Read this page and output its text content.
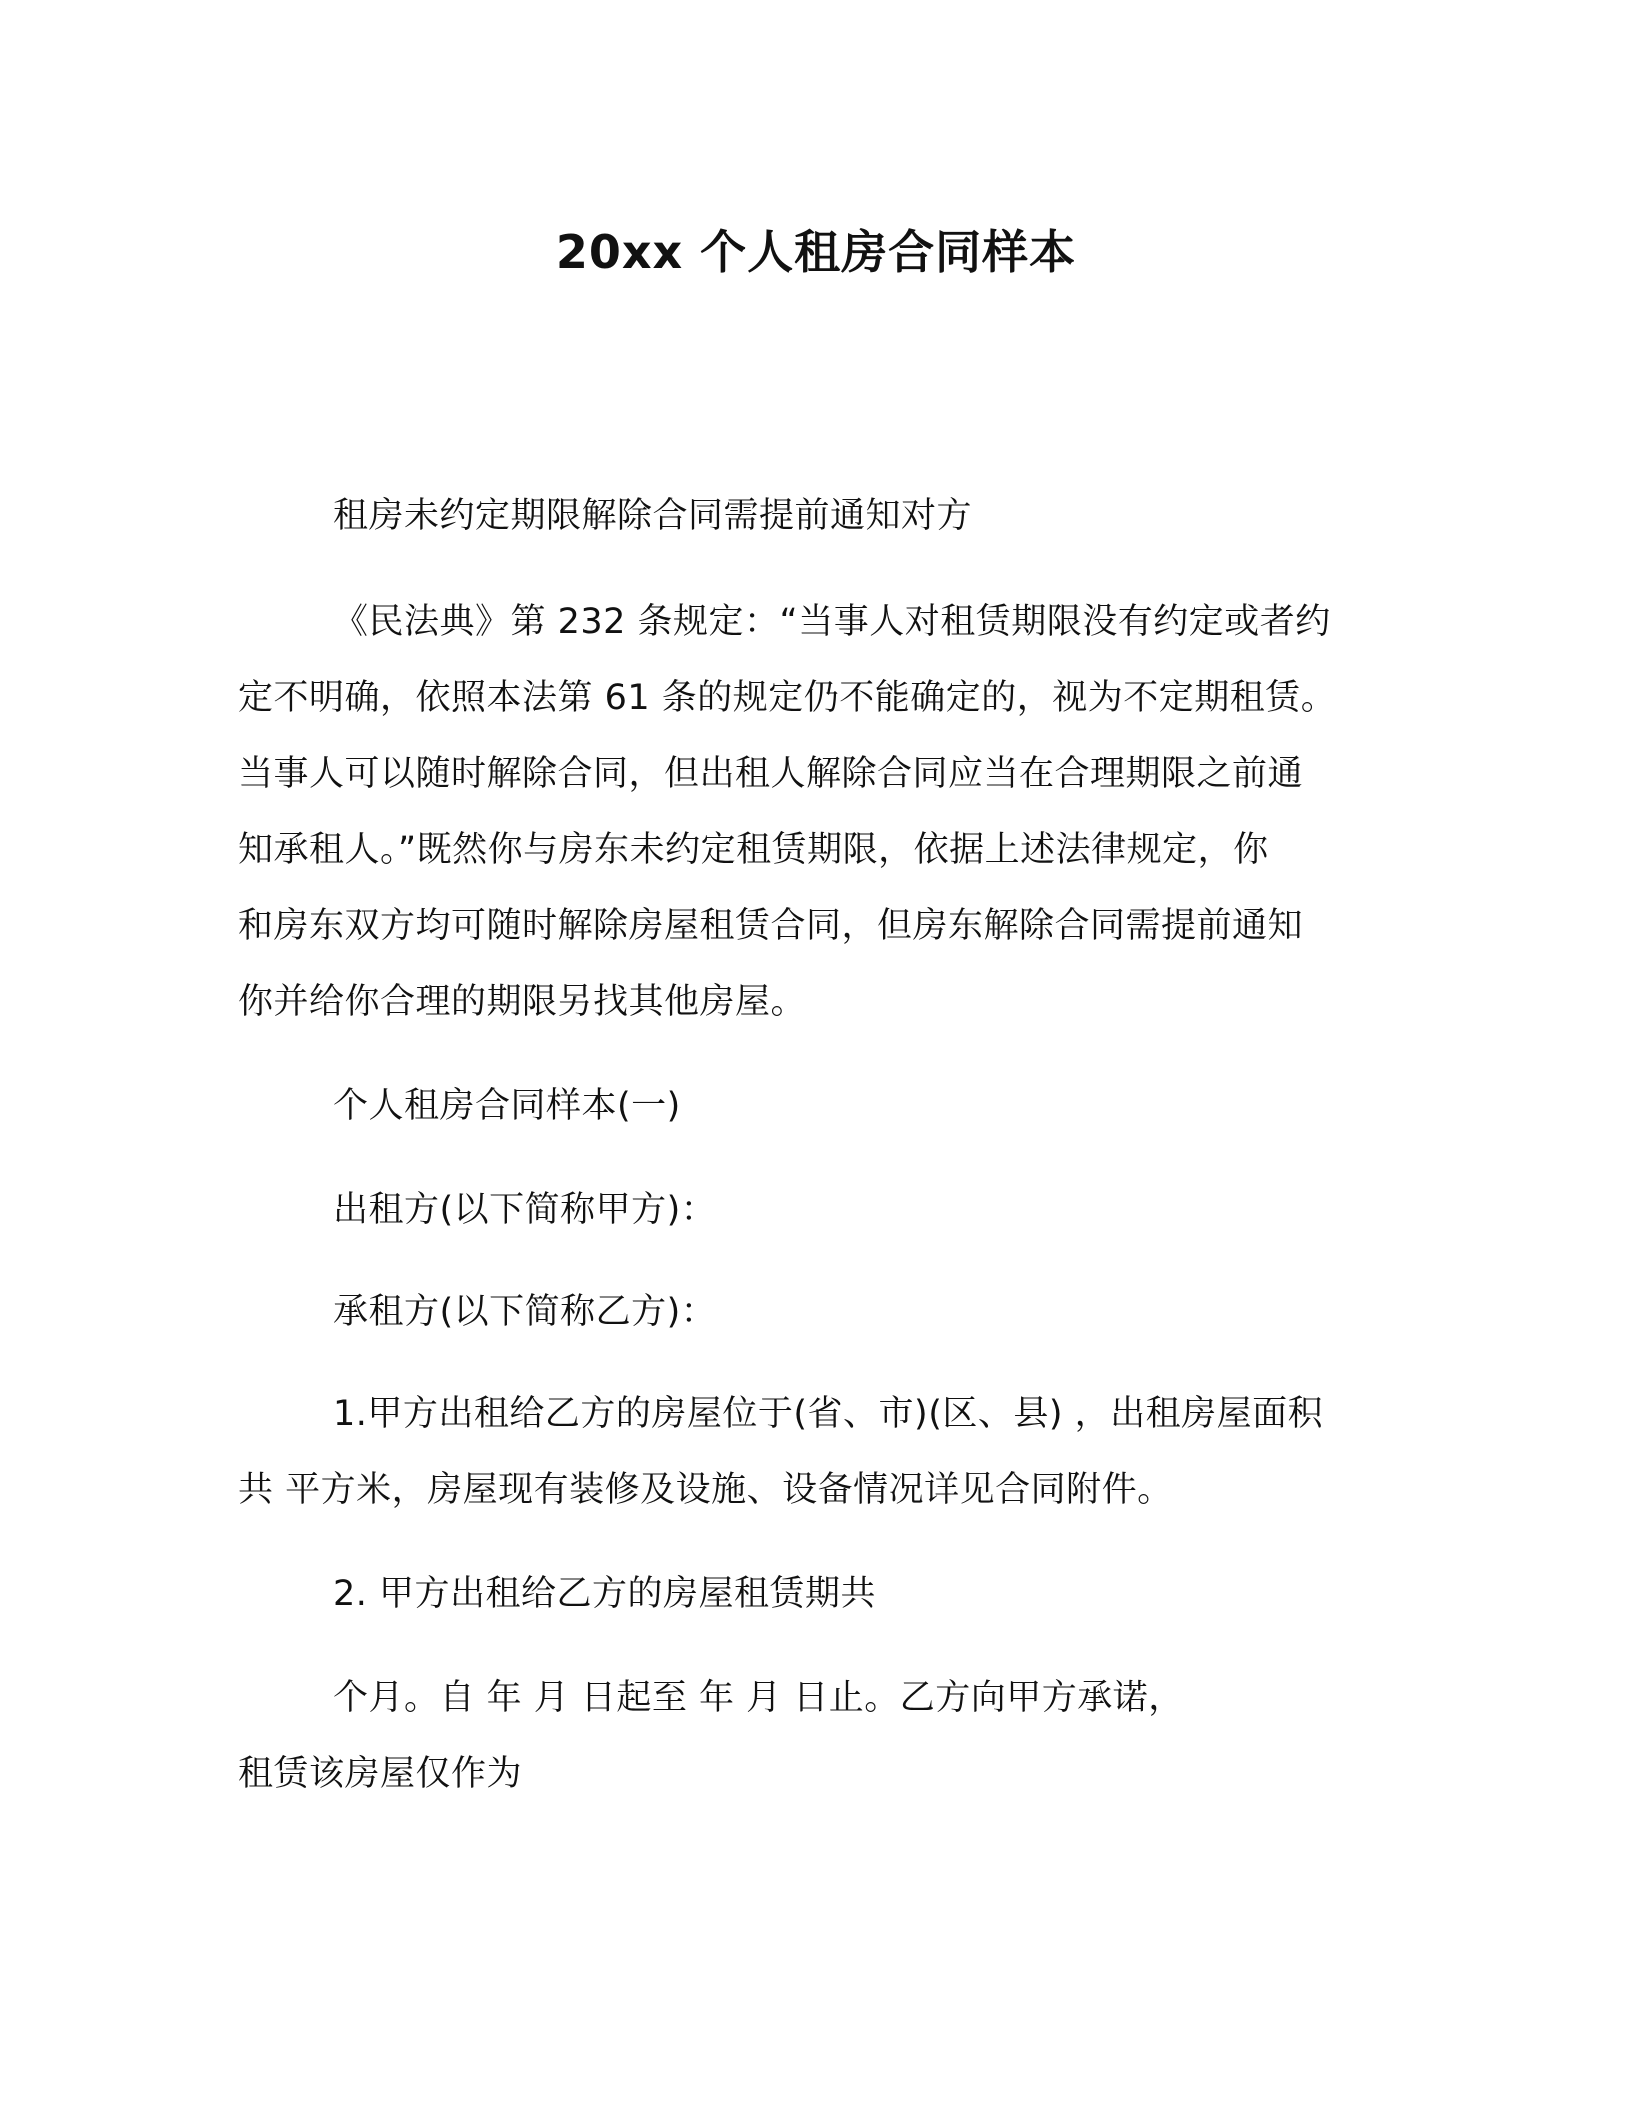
20xx 个人租房合同样本
租房未约定期限解除合同需提前通知对方
《民法典》第 232 条规定：“当事人对租赁期限没有约定或者约
定不明确，依照本法第 61 条的规定仍不能确定的，视为不定期租赁。
当事人可以随时解除合同，但出租人解除合同应当在合理期限之前通
知承租人。”既然你与房东未约定租赁期限，依据上述法律规定，你
和房东双方均可随时解除房屋租赁合同，但房东解除合同需提前通知
你并给你合理的期限另找其他房屋。
个人租房合同样本(一)
出租方(以下简称甲方)：
承租方(以下简称乙方)：
1.甲方出租给乙方的房屋位于(省、市)(区、县) ，出租房屋面积
共 平方米，房屋现有装修及设施、设备情况详见合同附件。
2. 甲方出租给乙方的房屋租赁期共
个月。自 年 月 日起至 年 月 日止。乙方向甲方承诺，
租赁该房屋仅作为
